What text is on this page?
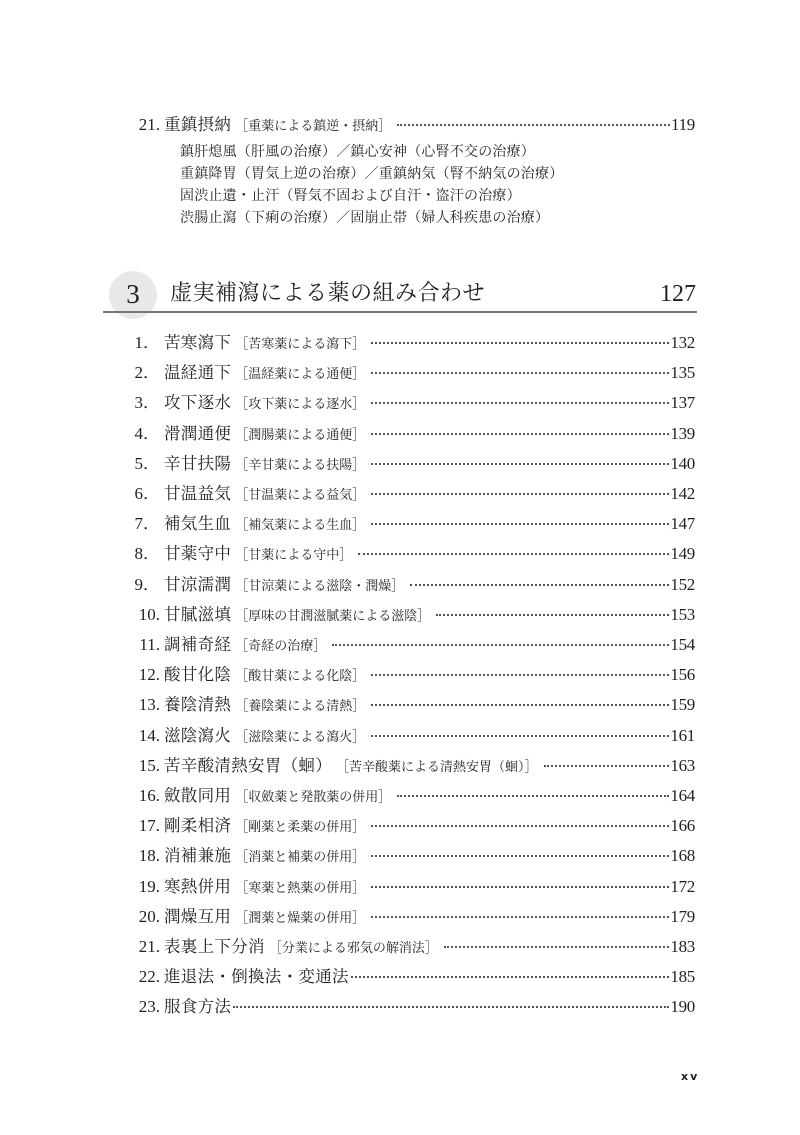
21. 重鎮摂納 ［重薬による鎮逆・摂納］	119
鎮肝熄風（肝風の治療）／鎮心安神（心腎不交の治療）
重鎮降胃（胃気上逆の治療）／重鎮納気（腎不納気の治療）
固渋止遺・止汗（腎気不固および自汗・盗汗の治療）
渋腸止瀉（下痢の治療）／固崩止帯（婦人科疾患の治療）
3	虚実補瀉による薬の組み合わせ	127
1． 苦寒瀉下 ［苦寒薬による瀉下］	132
2． 温経通下 ［温経薬による通便］	135
3． 攻下逐水 ［攻下薬による逐水］	137
4． 滑潤通便 ［潤腸薬による通便］	139
5． 辛甘扶陽 ［辛甘薬による扶陽］	140
6． 甘温益気 ［甘温薬による益気］	142
7． 補気生血 ［補気薬による生血］	147
8． 甘薬守中 ［甘薬による守中］	149
9． 甘涼濡潤 ［甘涼薬による滋陰・潤燥］	152
10. 甘膩滋填 ［厚味の甘潤滋膩薬による滋陰］	153
11. 調補奇経 ［奇経の治療］	154
12. 酸甘化陰 ［酸甘薬による化陰］	156
13. 養陰清熱 ［養陰薬による清熱］	159
14. 滋陰瀉火 ［滋陰薬による瀉火］	161
15. 苦辛酸清熱安胃（蛔） ［苦辛酸薬による清熱安胃（蛔）］	163
16. 斂散同用 ［収斂薬と発散薬の併用］	164
17. 剛柔相済 ［剛薬と柔薬の併用］	166
18. 消補兼施 ［消薬と補薬の併用］	168
19. 寒熱併用 ［寒薬と熱薬の併用］	172
20. 潤燥互用 ［潤薬と燥薬の併用］	179
21. 表裏上下分消 ［分業による邪気の解消法］	183
22. 進退法・倒換法・変通法	185
23. 服食方法	190
xv
